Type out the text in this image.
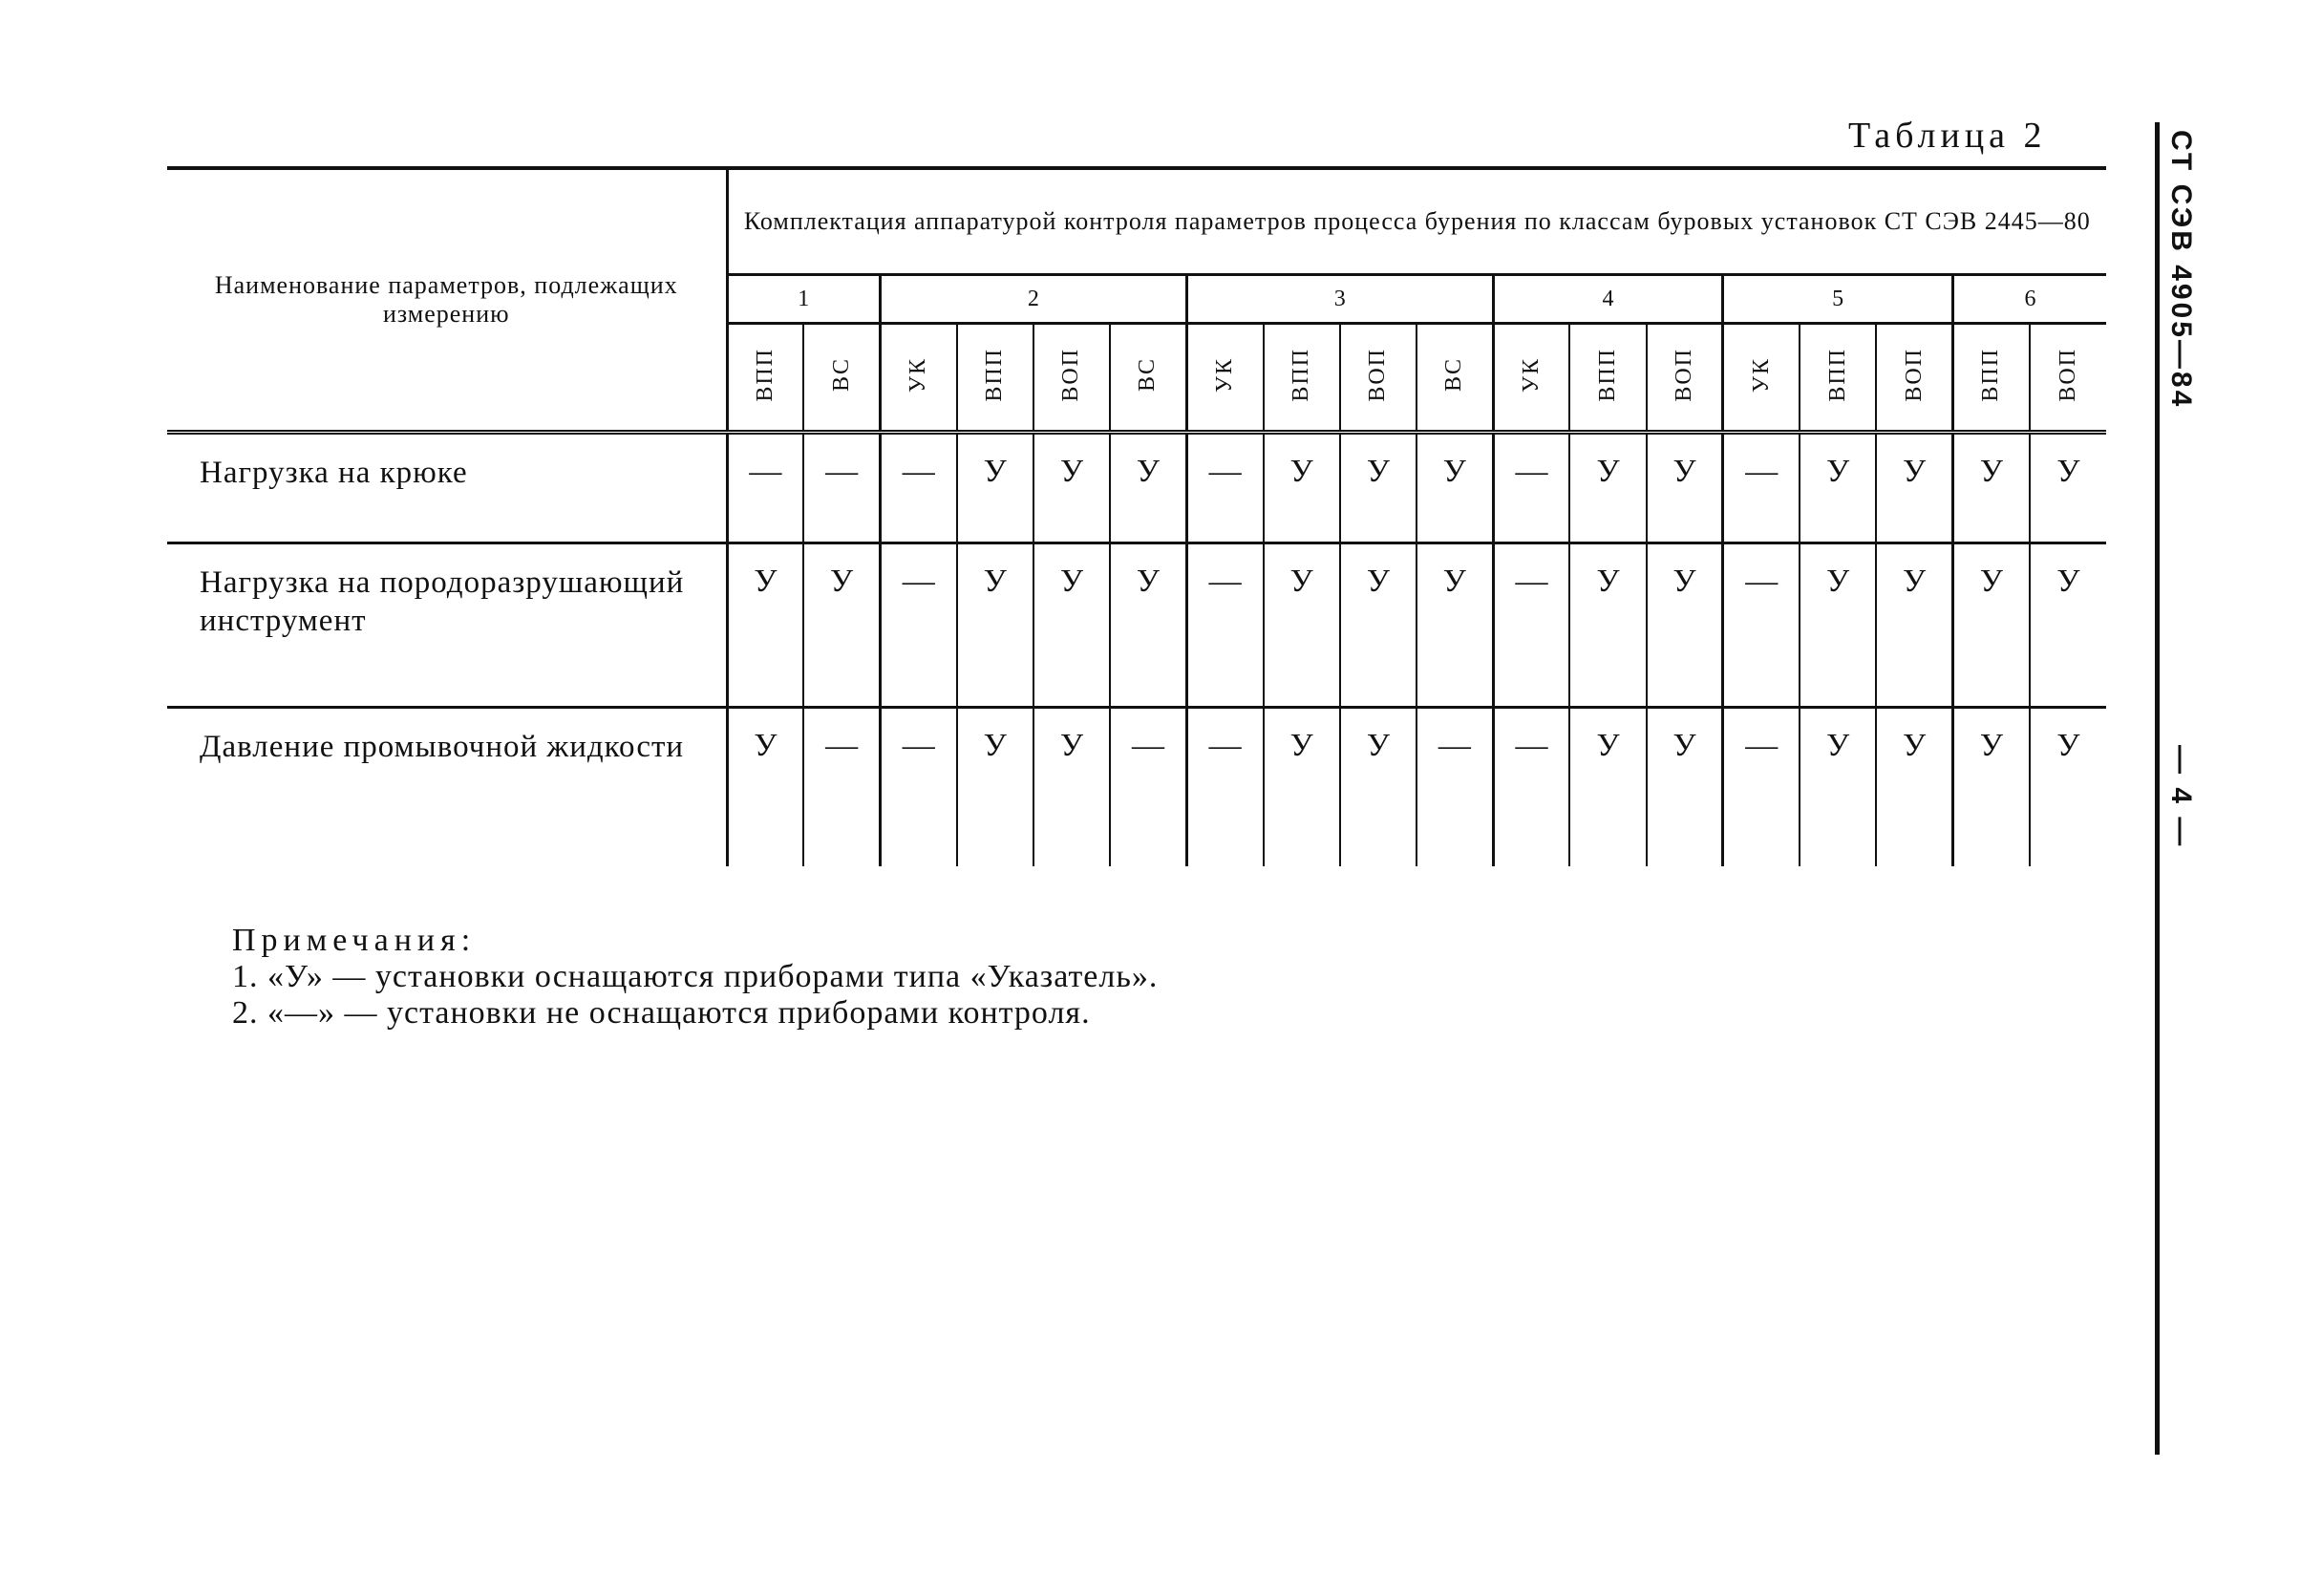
Таблица 2	СТ СЭВ 4905—84
— 4 —
Наименование параметров, подлежащих измерению	Комплектация аппаратурой контроля параметров процесса бурения по классам буровых установок СТ СЭВ 2445—80																	
	1		2				3				4			5			6	
	ВПП	ВС	УК	ВПП	ВОП	ВС	УК	ВПП	ВОП	ВС	УК	ВПП	ВОП	УК	ВПП	ВОП	ВПП	ВОП

Нагрузка на крюке	—	—	—	У	У	У	—	У	У	У	—	У	У	—	У	У	У	У

Нагрузка на породоразрушающий инструмент	У	У	—	У	У	У	—	У	У	У	—	У	У	—	У	У	У	У

Давление промывочной жидкости	У	—	—	У	У	—	—	У	У	—	—	У	У	—	У	У	У	У
Примечания:
1. «У» — установки оснащаются приборами типа «Указатель».
2. «—» — установки не оснащаются приборами контроля.
